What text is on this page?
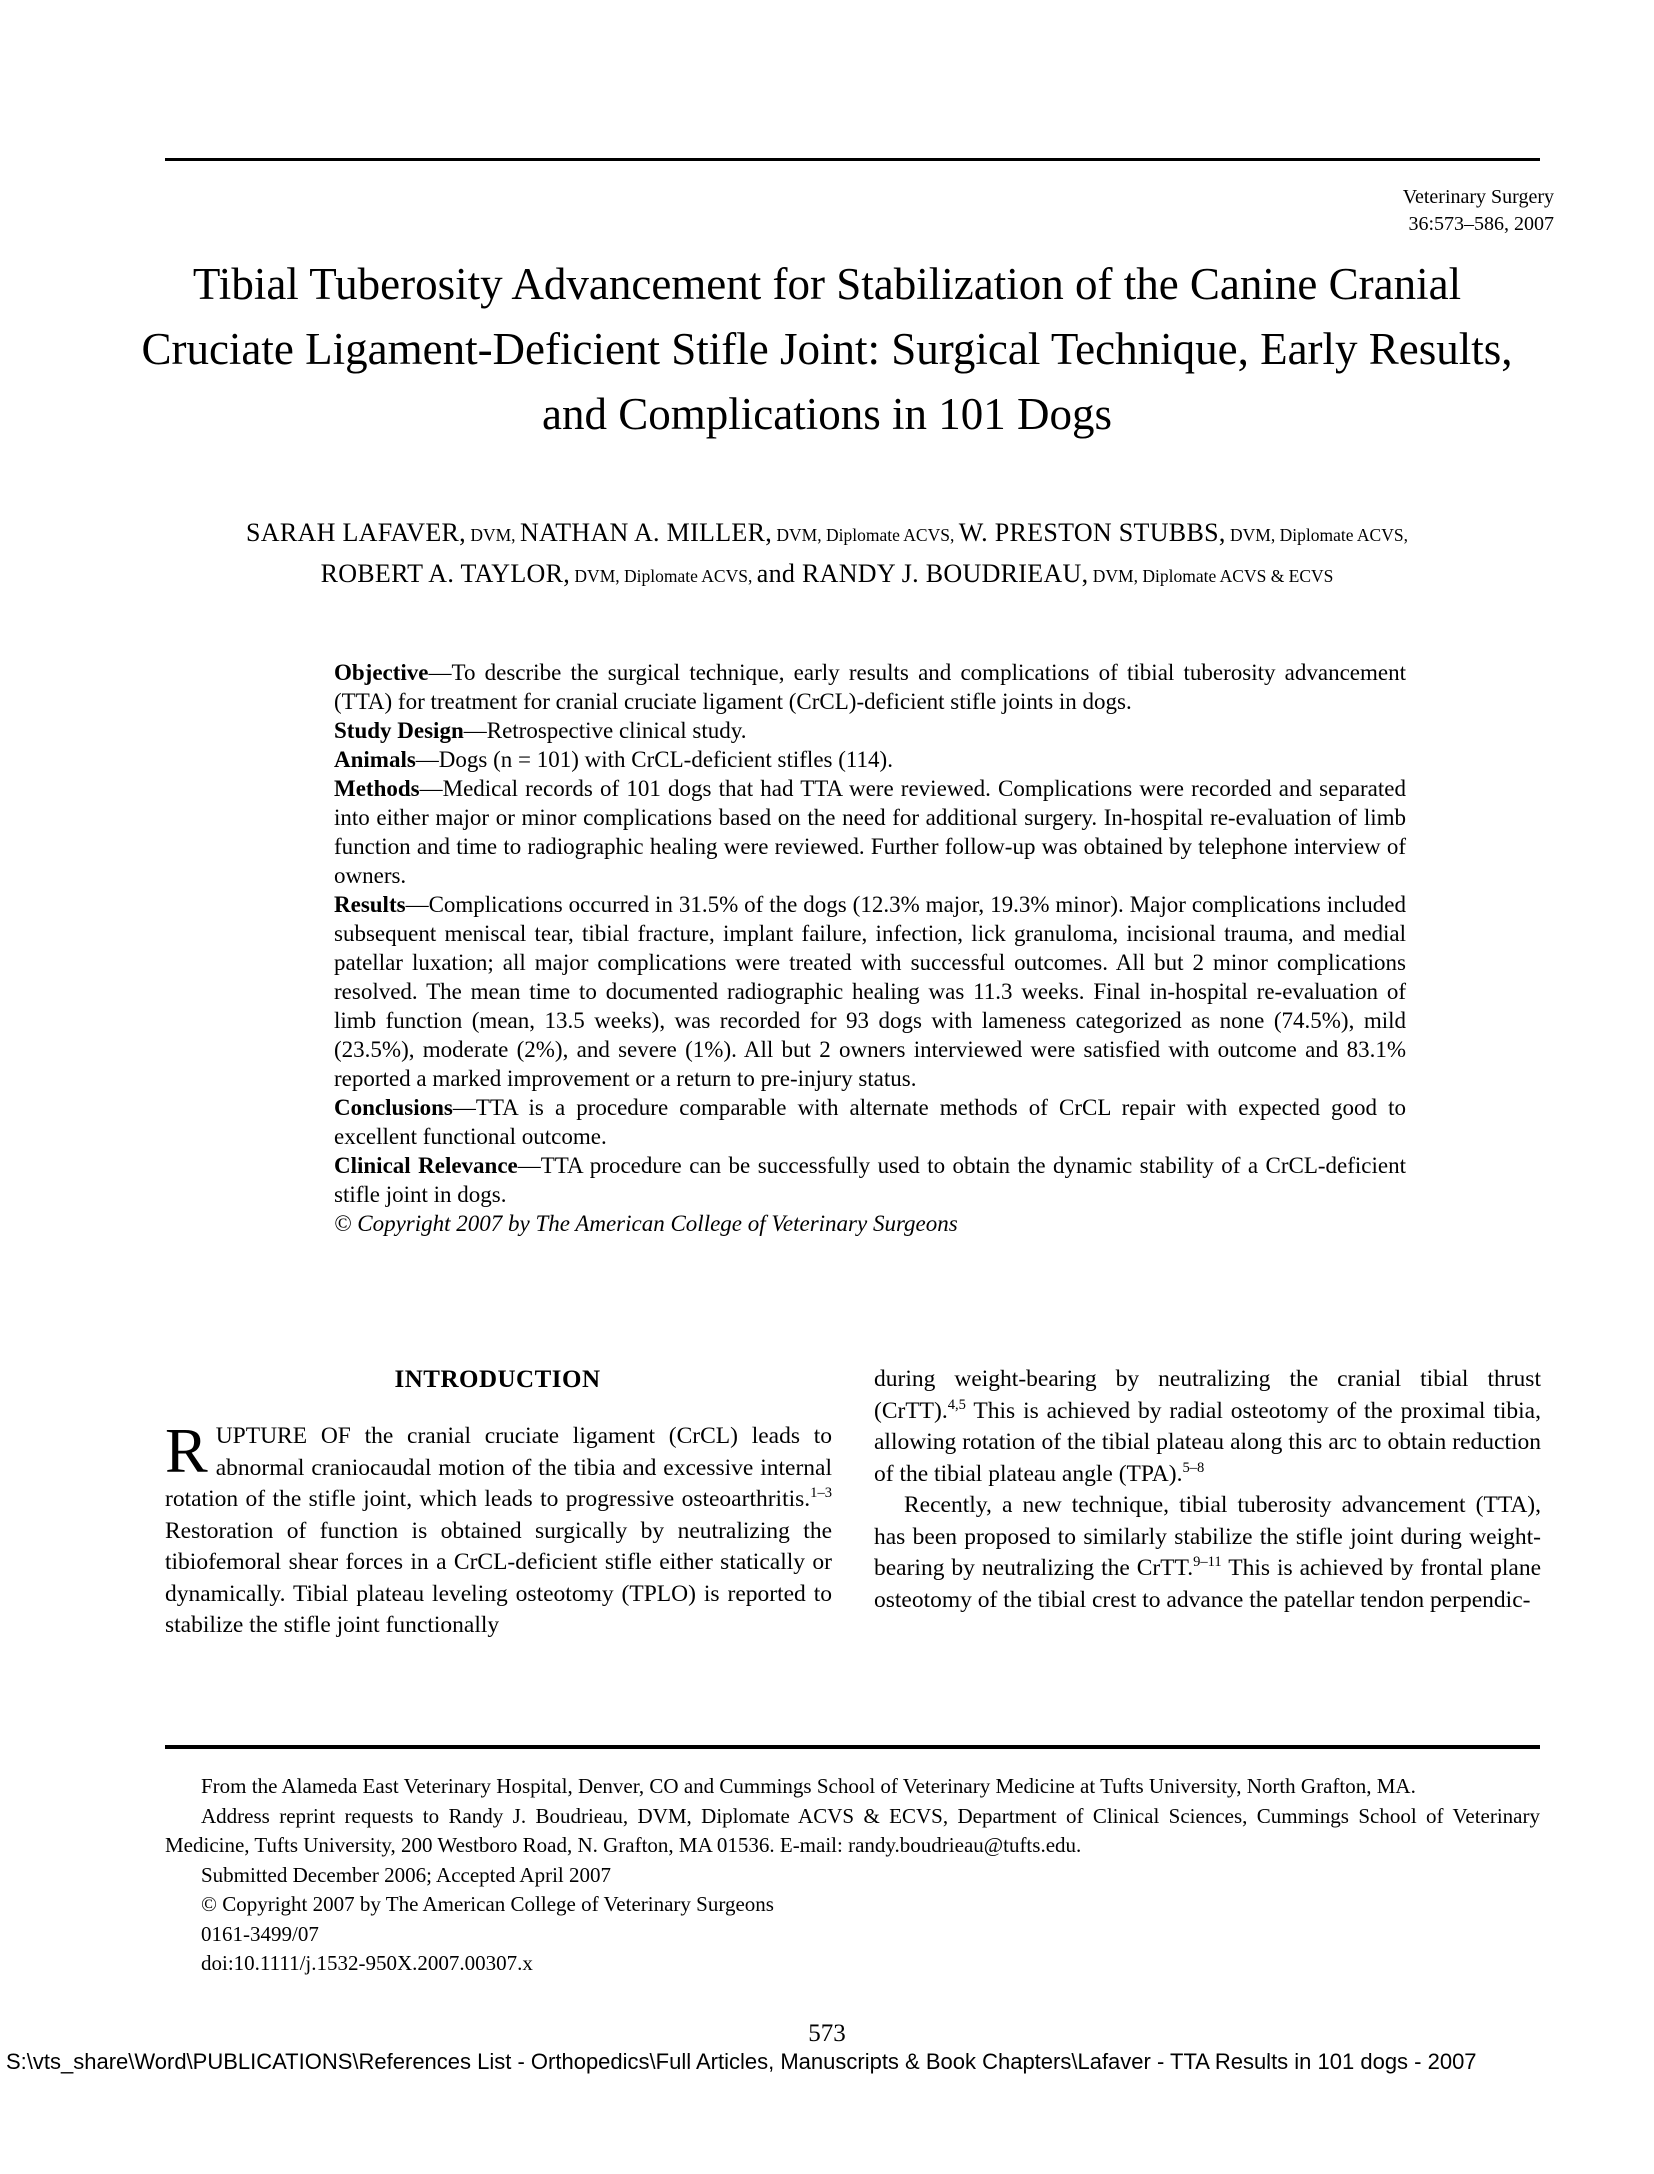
Veterinary Surgery
36:573–586, 2007
Tibial Tuberosity Advancement for Stabilization of the Canine Cranial Cruciate Ligament-Deficient Stifle Joint: Surgical Technique, Early Results, and Complications in 101 Dogs
SARAH LAFAVER, DVM, NATHAN A. MILLER, DVM, Diplomate ACVS, W. PRESTON STUBBS, DVM, Diplomate ACVS,
ROBERT A. TAYLOR, DVM, Diplomate ACVS, and RANDY J. BOUDRIEAU, DVM, Diplomate ACVS & ECVS

Objective—To describe the surgical technique, early results and complications of tibial tuberosity advancement (TTA) for treatment for cranial cruciate ligament (CrCL)-deficient stifle joints in dogs.

Study Design—Retrospective clinical study.

Animals—Dogs (n = 101) with CrCL-deficient stifles (114).

Methods—Medical records of 101 dogs that had TTA were reviewed. Complications were recorded and separated into either major or minor complications based on the need for additional surgery. In-hospital re-evaluation of limb function and time to radiographic healing were reviewed. Further follow-up was obtained by telephone interview of owners.

Results—Complications occurred in 31.5% of the dogs (12.3% major, 19.3% minor). Major complications included subsequent meniscal tear, tibial fracture, implant failure, infection, lick granuloma, incisional trauma, and medial patellar luxation; all major complications were treated with successful outcomes. All but 2 minor complications resolved. The mean time to documented radiographic healing was 11.3 weeks. Final in-hospital re-evaluation of limb function (mean, 13.5 weeks), was recorded for 93 dogs with lameness categorized as none (74.5%), mild (23.5%), moderate (2%), and severe (1%). All but 2 owners interviewed were satisfied with outcome and 83.1% reported a marked improvement or a return to pre-injury status.

Conclusions—TTA is a procedure comparable with alternate methods of CrCL repair with expected good to excellent functional outcome.

Clinical Relevance—TTA procedure can be successfully used to obtain the dynamic stability of a CrCL-deficient stifle joint in dogs.

© Copyright 2007 by The American College of Veterinary Surgeons

INTRODUCTION

RUPTURE OF the cranial cruciate ligament (CrCL) leads to abnormal craniocaudal motion of the tibia and excessive internal rotation of the stifle joint, which leads to progressive osteoarthritis.$^{1-3}$ Restoration of function is obtained surgically by neutralizing the tibiofemoral shear forces in a CrCL-deficient stifle either statically or dynamically. Tibial plateau leveling osteotomy (TPLO) is reported to stabilize the stifle joint functionally

during weight-bearing by neutralizing the cranial tibial thrust (CrTT).$^{4,5}$ This is achieved by radial osteotomy of the proximal tibia, allowing rotation of the tibial plateau along this arc to obtain reduction of the tibial plateau angle (TPA).$^{5-8}$

Recently, a new technique, tibial tuberosity advancement (TTA), has been proposed to similarly stabilize the stifle joint during weight-bearing by neutralizing the CrTT.$^{9-11}$ This is achieved by frontal plane osteotomy of the tibial crest to advance the patellar tendon perpendic-

From the Alameda East Veterinary Hospital, Denver, CO and Cummings School of Veterinary Medicine at Tufts University, North Grafton, MA.

Address reprint requests to Randy J. Boudrieau, DVM, Diplomate ACVS & ECVS, Department of Clinical Sciences, Cummings School of Veterinary Medicine, Tufts University, 200 Westboro Road, N. Grafton, MA 01536. E-mail: randy.boudrieau@tufts.edu.

Submitted December 2006; Accepted April 2007

© Copyright 2007 by The American College of Veterinary Surgeons

0161-3499/07

doi:10.1111/j.1532-950X.2007.00307.x

573
S:\vts_share\Word\PUBLICATIONS\References List - Orthopedics\Full Articles, Manuscripts & Book Chapters\Lafaver - TTA Results in 101 dogs - 2007
